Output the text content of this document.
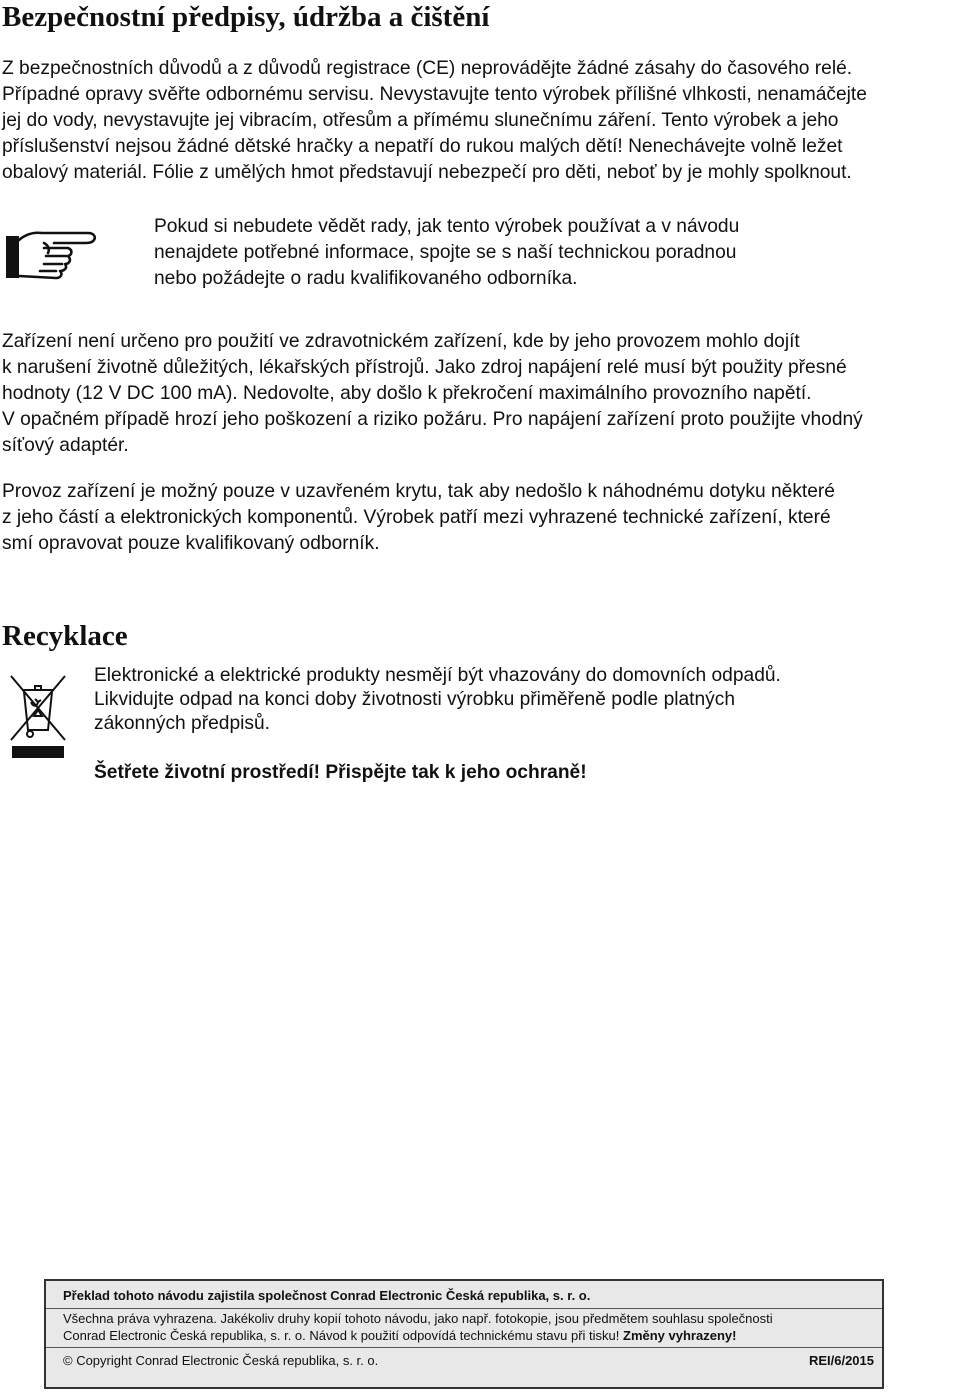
Bezpečnostní předpisy, údržba a čištění
Z bezpečnostních důvodů a z důvodů registrace (CE) neprovádějte žádné zásahy do časového relé.
Případné opravy svěřte odbornému servisu. Nevystavujte tento výrobek přílišné vlhkosti, nenamáčejte
jej do vody, nevystavujte jej vibracím, otřesům a přímému slunečnímu záření. Tento výrobek a jeho
příslušenství nejsou žádné dětské hračky a nepatří do rukou malých dětí! Nenechávejte volně ležet
obalový materiál. Fólie z umělých hmot představují nebezpečí pro děti, neboť by je mohly spolknout.
Pokud si nebudete vědět rady, jak tento výrobek používat a v návodu
nenajdete potřebné informace, spojte se s naší technickou poradnou
nebo požádejte o radu kvalifikovaného odborníka.
Zařízení není určeno pro použití ve zdravotnickém zařízení, kde by jeho provozem mohlo dojít
k narušení životně důležitých, lékařských přístrojů. Jako zdroj napájení relé musí být použity přesné
hodnoty (12 V DC 100 mA). Nedovolte, aby došlo k překročení maximálního provozního napětí.
V opačném případě hrozí jeho poškození a riziko požáru. Pro napájení zařízení proto použijte vhodný
síťový adaptér.
Provoz zařízení je možný pouze v uzavřeném krytu, tak aby nedošlo k náhodnému dotyku některé
z jeho částí a elektronických komponentů. Výrobek patří mezi vyhrazené technické zařízení, které
smí opravovat pouze kvalifikovaný odborník.
Recyklace
Elektronické a elektrické produkty nesmějí být vhazovány do domovních odpadů.
Likvidujte odpad na konci doby životnosti výrobku přiměřeně podle platných
zákonných předpisů.
Šetřete životní prostředí! Přispějte tak k jeho ochraně!
Překlad tohoto návodu zajistila společnost Conrad Electronic Česká republika, s. r. o.
Všechna práva vyhrazena. Jakékoliv druhy kopií tohoto návodu, jako např. fotokopie, jsou předmětem souhlasu společnosti
Conrad Electronic Česká republika, s. r. o. Návod k použití odpovídá technickému stavu při tisku! Změny vyhrazeny!
© Copyright Conrad Electronic Česká republika, s. r. o.	REI/6/2015
